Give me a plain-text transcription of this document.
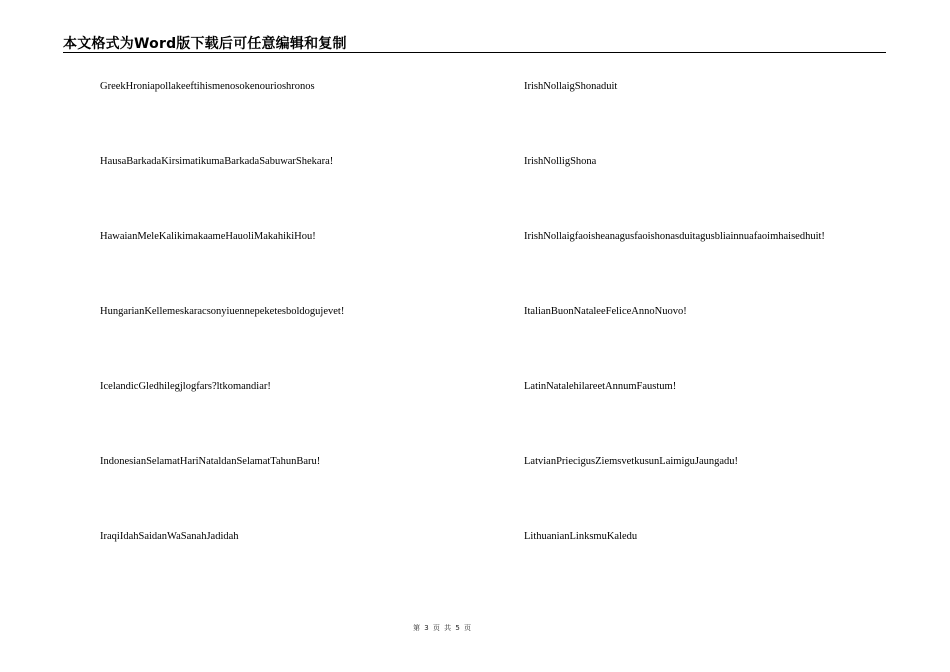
本文格式为Word版下载后可任意编辑和复制
GreekHroniapollakeeftihismenosokenourioshronos
HausaBarkadaKirsimatikumaBarkadaSabuwarShekara!
HawaianMeleKalikimakaameHauoliMakahikiHou!
HungarianKellemeskaracsonyiuennepeketesboldogujevet!
IcelandicGledhilegjlogfars?ltkomandiar!
IndonesianSelamatHariNataldanSelamatTahunBaru!
IraqiIdahSaidanWaSanahJadidah
IrishNollaigShonaduit
IrishNolligShona
IrishNollaigfaoisheanagusfaoishonasduitagusbliainnuafaoimhaisedhuit!
ItalianBuonNataleeFeliceAnnoNuovo!
LatinNatalehilareetAnnumFaustum!
LatvianPriecigusZiemsvetkusunLaimiguJaungadu!
LithuanianLinksmuKaledu
第 3 页 共 5 页
